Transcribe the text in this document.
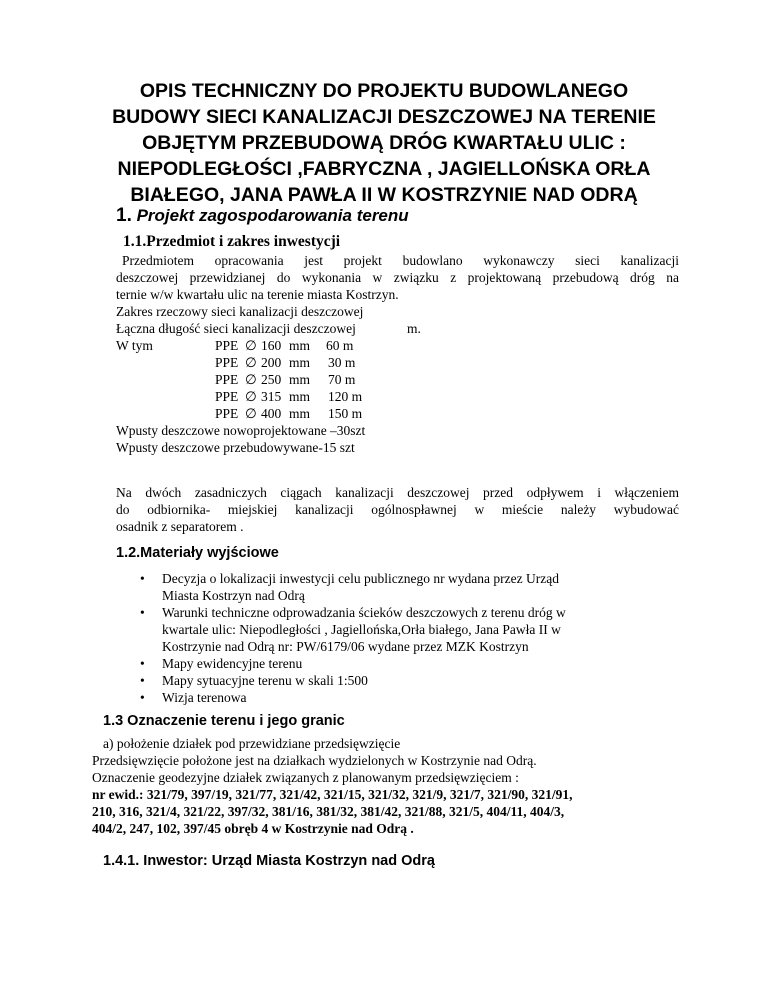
OPIS TECHNICZNY DO PROJEKTU BUDOWLANEGO
BUDOWY SIECI KANALIZACJI DESZCZOWEJ NA TERENIE
OBJĘTYM PRZEBUDOWĄ DRÓG KWARTAŁU ULIC :
NIEPODLEGŁOŚCI ,FABRYCZNA , JAGIELLOŃSKA ORŁA
BIAŁEGO, JANA PAWŁA II W KOSTRZYNIE NAD ODRĄ
1. Projekt zagospodarowania terenu
1.1.Przedmiot i zakres inwestycji
Przedmiotem opracowania jest projekt budowlano wykonawczy sieci kanalizacji
deszczowej przewidzianej do wykonania w związku z projektowaną przebudową dróg na
ternie w/w kwartału ulic na terenie miasta Kostrzyn.
Zakres rzeczowy sieci kanalizacji deszczowej
Łączna długość sieci kanalizacji deszczowej	m.
W tym	PPE ∅ 160 mm 60 m
PPE ∅ 200 mm 30 m
PPE ∅ 250 mm 70 m
PPE ∅ 315 mm 120 m
PPE ∅ 400 mm 150 m
Wpusty deszczowe nowoprojektowane –30szt
Wpusty deszczowe przebudowywane-15 szt
Na dwóch zasadniczych ciągach kanalizacji deszczowej przed odpływem i włączeniem
do odbiornika- miejskiej kanalizacji ogólnospławnej w mieście należy wybudować
osadnik z separatorem .
1.2.Materiały wyjściowe
• Decyzja o lokalizacji inwestycji celu publicznego nr wydana przez Urząd
Miasta Kostrzyn nad Odrą
• Warunki techniczne odprowadzania ścieków deszczowych z terenu dróg w
kwartale ulic: Niepodległości , Jagiellońska,Orła białego, Jana Pawła II w
Kostrzynie nad Odrą nr: PW/6179/06 wydane przez MZK Kostrzyn
• Mapy ewidencyjne terenu
• Mapy sytuacyjne terenu w skali 1:500
• Wizja terenowa
1.3 Oznaczenie terenu i jego granic
a) położenie działek pod przewidziane przedsięwzięcie
Przedsięwzięcie położone jest na działkach wydzielonych w Kostrzynie nad Odrą.
Oznaczenie geodezyjne działek związanych z planowanym przedsięwzięciem :
nr ewid.: 321/79, 397/19, 321/77, 321/42, 321/15, 321/32, 321/9, 321/7, 321/90, 321/91,
210, 316, 321/4, 321/22, 397/32, 381/16, 381/32, 381/42, 321/88, 321/5, 404/11, 404/3,
404/2, 247, 102, 397/45 obręb 4 w Kostrzynie nad Odrą .
1.4.1. Inwestor: Urząd Miasta Kostrzyn nad Odrą
